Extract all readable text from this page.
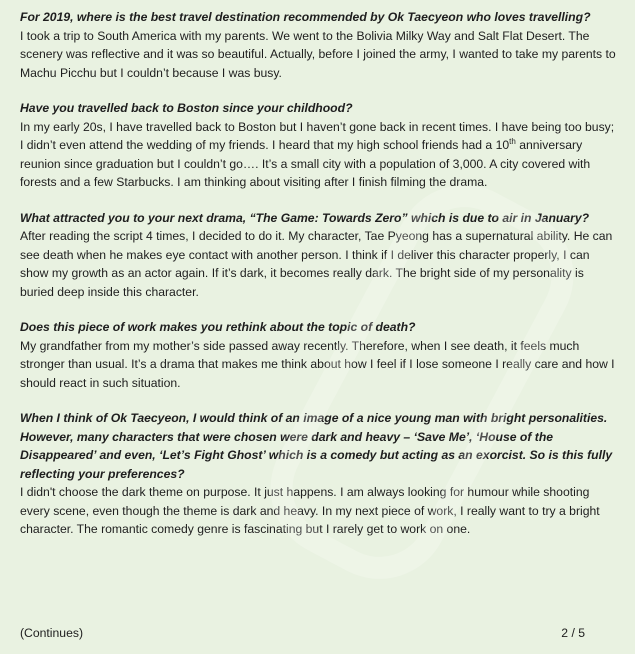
For 2019, where is the best travel destination recommended by Ok Taecyeon who loves travelling?

I took a trip to South America with my parents. We went to the Bolivia Milky Way and Salt Flat Desert. The scenery was reflective and it was so beautiful. Actually, before I joined the army, I wanted to take my parents to Machu Picchu but I couldn’t because I was busy.

Have you travelled back to Boston since your childhood?

In my early 20s, I have travelled back to Boston but I haven’t gone back in recent times. I have being too busy; I didn’t even attend the wedding of my friends. I heard that my high school friends had a 10th anniversary reunion since graduation but I couldn’t go…. It’s a small city with a population of 3,000. A city covered with forests and a few Starbucks. I am thinking about visiting after I finish filming the drama.

What attracted you to your next drama, “The Game: Towards Zero” which is due to air in January?

After reading the script 4 times, I decided to do it. My character, Tae Pyeong has a supernatural ability. He can see death when he makes eye contact with another person. I think if I deliver this character properly, I can show my growth as an actor again. If it’s dark, it becomes really dark. The bright side of my personality is buried deep inside this character.

Does this piece of work makes you rethink about the topic of death?

My grandfather from my mother’s side passed away recently. Therefore, when I see death, it feels much stronger than usual. It’s a drama that makes me think about how I feel if I lose someone I really care and how I should react in such situation.

When I think of Ok Taecyeon, I would think of an image of a nice young man with bright personalities. However, many characters that were chosen were dark and heavy – ‘Save Me’, ‘House of the Disappeared’ and even, ‘Let’s Fight Ghost’ which is a comedy but acting as an exorcist. So is this fully reflecting your preferences?

I didn't choose the dark theme on purpose. It just happens. I am always looking for humour while shooting every scene, even though the theme is dark and heavy. In my next piece of work, I really want to try a bright character. The romantic comedy genre is fascinating but I rarely get to work on one.

(Continues)	2 / 5
